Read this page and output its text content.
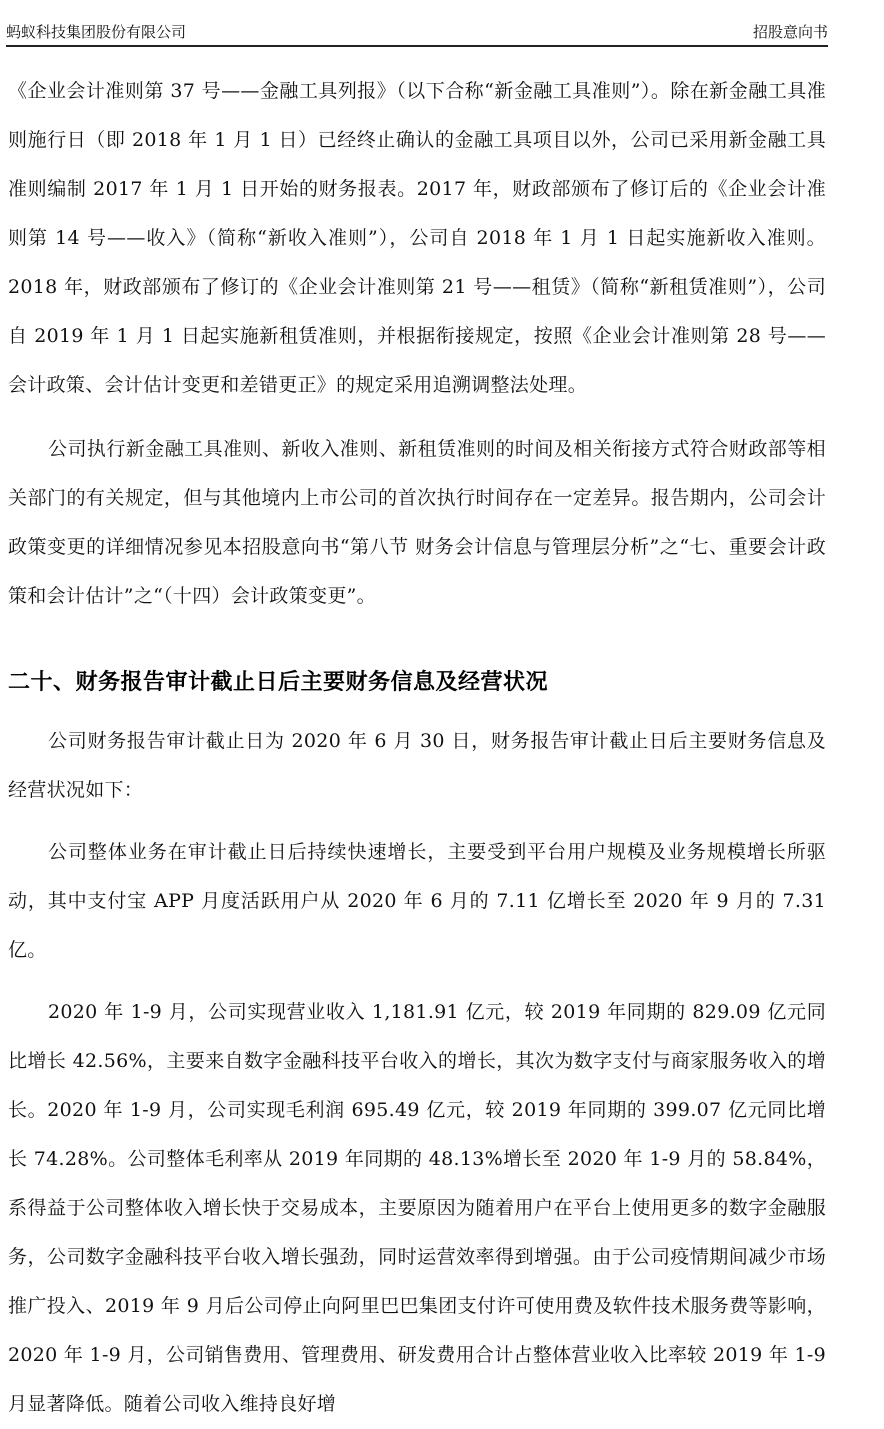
蚂蚁科技集团股份有限公司	招股意向书

《企业会计准则第 37 号——金融工具列报》（以下合称“新金融工具准则”）。除在新金融工具准则施行日（即 2018 年 1 月 1 日）已经终止确认的金融工具项目以外，公司已采用新金融工具准则编制 2017 年 1 月 1 日开始的财务报表。2017 年，财政部颁布了修订后的《企业会计准则第 14 号——收入》（简称“新收入准则”），公司自 2018 年 1 月 1 日起实施新收入准则。 2018 年，财政部颁布了修订的《企业会计准则第 21 号——租赁》（简称“新租赁准则”），公司自 2019 年 1 月 1 日起实施新租赁准则，并根据衔接规定，按照《企业会计准则第 28 号——会计政策、会计估计变更和差错更正》的规定采用追溯调整法处理。

公司执行新金融工具准则、新收入准则、新租赁准则的时间及相关衔接方式符合财政部等相关部门的有关规定，但与其他境内上市公司的首次执行时间存在一定差异。报告期内，公司会计政策变更的详细情况参见本招股意向书“第八节 财务会计信息与管理层分析”之“七、重要会计政策和会计估计”之“（十四）会计政策变更”。

二十、财务报告审计截止日后主要财务信息及经营状况

公司财务报告审计截止日为 2020 年 6 月 30 日，财务报告审计截止日后主要财务信息及经营状况如下：

公司整体业务在审计截止日后持续快速增长，主要受到平台用户规模及业务规模增长所驱动，其中支付宝 APP 月度活跃用户从 2020 年 6 月的 7.11 亿增长至 2020 年 9 月的 7.31 亿。

2020 年 1-9 月，公司实现营业收入 1,181.91 亿元，较 2019 年同期的 829.09 亿元同比增长 42.56%，主要来自数字金融科技平台收入的增长，其次为数字支付与商家服务收入的增长。2020 年 1-9 月，公司实现毛利润 695.49 亿元，较 2019 年同期的 399.07 亿元同比增长 74.28%。公司整体毛利率从 2019 年同期的 48.13%增长至 2020 年 1-9 月的 58.84%，系得益于公司整体收入增长快于交易成本，主要原因为随着用户在平台上使用更多的数字金融服务，公司数字金融科技平台收入增长强劲，同时运营效率得到增强。由于公司疫情期间减少市场推广投入、2019 年 9 月后公司停止向阿里巴巴集团支付许可使用费及软件技术服务费等影响，2020 年 1-9 月，公司销售费用、管理费用、研发费用合计占整体营业收入比率较 2019 年 1-9 月显著降低。随着公司收入维持良好增
